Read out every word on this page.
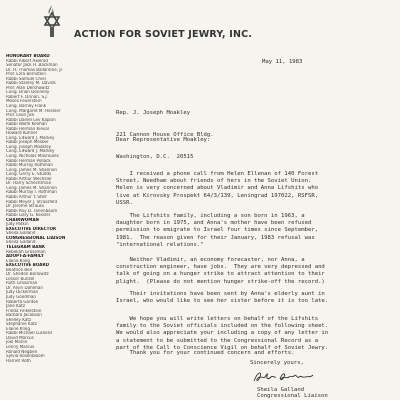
ACTION FOR SOVIET JEWRY, INC.
HONORARY BOARD
Rabbi Albert Axelrod
Senator Jack H. Backman
Dr. H. Thomas Ballantine, Jr.
Prof. Ezra Bernstein
Rabbi Samuel Chiel
Rabbi Stanley M. Davids
Prof. Alan Dershowitz
Cong. Brian Donnelly
Robert F. Drinan, S.J.
Moses Feuerstein
Cong. Barney Frank
Cong. Margaret M. Heckler
Prof. Leon Jick
Rabbi Daniel Lev Kaplan
Rabbi Wolfe Kelman
Rabbi Herman Kieval
Howard Kuhner
Cong. Edward J. Markey
Rabbi Joseph Mesber
Cong. Joseph Moakley
Cong. Edward J. Markey
Cong. Nicholas Mavroules
Rabbi Herman Pollack
Rabbi Murray Rothman
Cong. James M. Shannon
Cong. Gerry E. Studds
Rabbi Arthur Wechsler
Dr. Harry Schechtman
Cong. James M. Shannon
Rabbi Murray I. Rothman
Rabbi Arthur Y. Steif
Rabbi Meyer J. Strassfeld
Dr. Jerome Strauss
Rabbi Roy D. Tanenbaum
Rabbi Gary G. Kessler
CHAIRWOMAN
Judy Patkin
EXECUTIVE DIRECTOR
Sheila Galland
CONGRESSIONAL LIAISON
Sheila Galland
TELEGRAM BANK
Rebekah Grossman
ADOPT-A-FAMILY
Elaine Kling
EXECUTIVE BOARD
Beatrice Beil
Dr. Shedon Berlowitz
Lesser Bunzel
Ruth Grossman
Dr. Alvin Dahlman
Judy Dickerman
Judy Goodman
Roberta Gordon
Jane Katz
Frieda Finkelstein
Barbara Jacobson
Shelley Katz
Stephanie Katz
Elaine Kling
Rabbi Michael Luckens
David Marcus
Joel Marlin
Lenny Marcus
Ronald Negben
Sylvia Rosenbloom
Harriet Roth
May 11, 1983

Rep. J. Joseph Moakley

221 Cannon House Office Bldg.

Washington, D.C.  20515

Dear Representative Moakley:
I received a phone call from Helen Ellenan of 140 Forest
Street, Needham about friends of hers in the Soviet Union.
Helen is very concerned about Vladimir and Anna Lifshits who
live at Kirovsky Prospekt 64/3/139, Leningrad 197022, RSFSR,
USSR.
The Lifshits family, including a son born in 1963, a
daughter born in 1975, and Anna's mother have been refused
permission to emigrate to Israel four times since September,
1981.  The reason given for their January, 1983 refusal was
"international relations."
Neither Vladimir, an economy forecaster, nor Anna, a
construction engineer, have jobs.  They are very depressed and
talk of going on a hunger strike to attract attention to their
plight.  (Please do not mention hunger strike-off the record.)
Their invitations have been sent by Anna's elderly aunt in
Israel, who would like to see her sister before it is too late.
We hope you will write letters on behalf of the Lifshits
family to the Soviet officials included on the following sheet.
We would also appreciate your including a copy of any letter in
a statement to be submitted to the Congressional Record as a
part of the Call to Conscience Vigil on behalf of Soviet Jewry.
Thank you for your continued concern and efforts.
Sincerely yours,
Sheila Galland
Congressional Liaison
